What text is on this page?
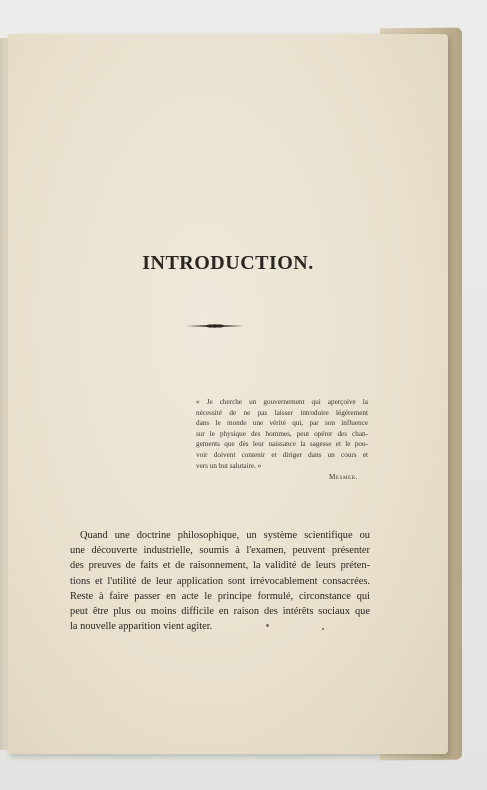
INTRODUCTION.
« Je cherche un gouvernement qui aperçoive la
nécessité de ne pas laisser introduire légèrement
dans le monde une vérité qui, par son influence
sur le physique des hommes, peut opérer des chan-
gements que dès leur naissance la sagesse et le pou-
voir doivent contenir et diriger dans un cours et
vers un but salutaire. »
Mesmer.
Quand une doctrine philosophique, un système scientifique ou
une découverte industrielle, soumis à l'examen, peuvent présenter
des preuves de faits et de raisonnement, la validité de leurs préten-
tions et l'utilité de leur application sont irrévocablement consacrées.
Reste à faire passer en acte le principe formulé, circonstance qui
peut être plus ou moins difficile en raison des intérêts sociaux que
la nouvelle apparition vient agiter.
